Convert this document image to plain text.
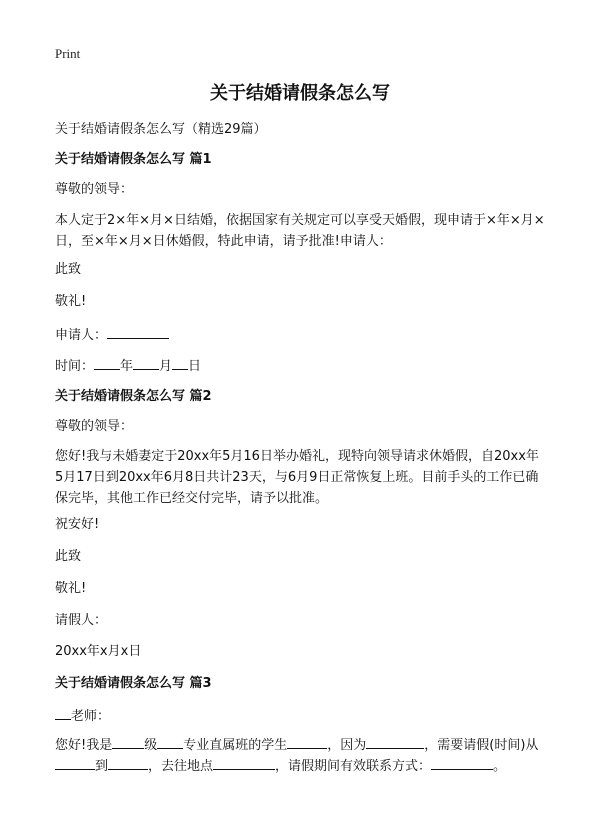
Print
关于结婚请假条怎么写
关于结婚请假条怎么写（精选29篇）
关于结婚请假条怎么写 篇1
尊敬的领导：
本人定于2×年×月×日结婚，依据国家有关规定可以享受天婚假，现申请于×年×月×日，至×年×月×日休婚假，特此申请，请予批准!申请人：
此致
敬礼!
申请人：
时间： 年 月 日
关于结婚请假条怎么写 篇2
尊敬的领导：
您好!我与未婚妻定于20xx年5月16日举办婚礼，现特向领导请求休婚假，自20xx年5月17日到20xx年6月8日共计23天，与6月9日正常恢复上班。目前手头的工作已确保完毕，其他工作已经交付完毕，请予以批准。
祝安好!
此致
敬礼!
请假人：
20xx年x月x日
关于结婚请假条怎么写 篇3
老师：
您好!我是 级 专业直属班的学生	，因为	，需要请假(时间)从
到	，去往地点	，请假期间有效联系方式：	。
